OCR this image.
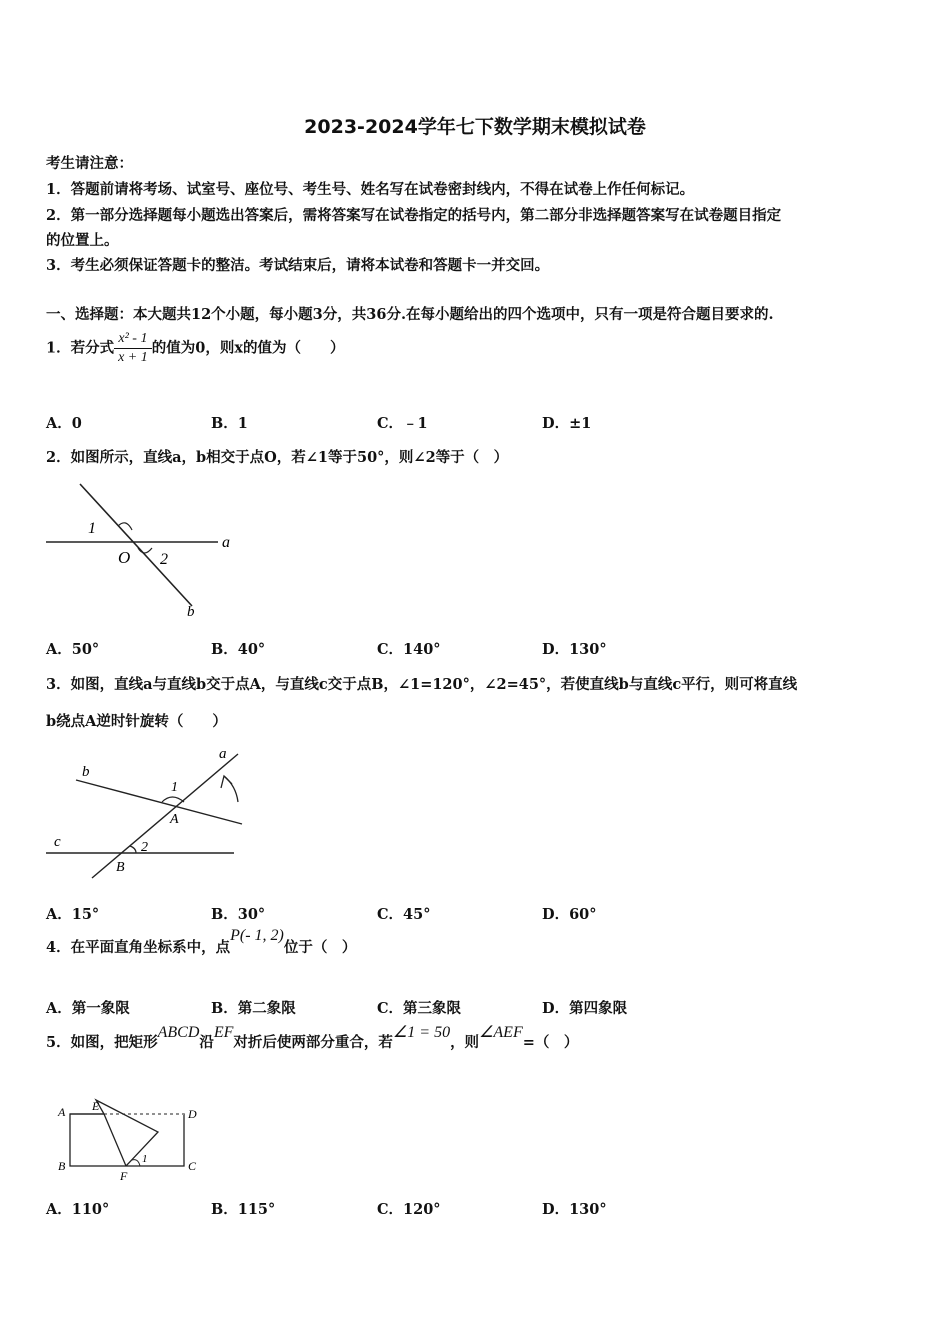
2023-2024学年七下数学期末模拟试卷
考生请注意：
1．答题前请将考场、试室号、座位号、考生号、姓名写在试卷密封线内，不得在试卷上作任何标记。
2．第一部分选择题每小题选出答案后，需将答案写在试卷指定的括号内，第二部分非选择题答案写在试卷题目指定
的位置上。
3．考生必须保证答题卡的整洁。考试结束后，请将本试卷和答题卡一并交回。
一、选择题：本大题共12个小题，每小题3分，共36分.在每小题给出的四个选项中，只有一项是符合题目要求的.
1．若分式 $\frac{\text{x² - 1}}{x + 1}$ 的值为0，则x的值为（　　）
A．0	B．1	C．﹣1	D．±1
2．如图所示，直线a，b相交于点O，若∠1等于50°，则∠2等于（　）
1
O 2
a
b
A．50°	B．40°	C．140°	D．130°
3．如图，直线a与直线b交于点A，与直线c交于点B，∠1=120°，∠2=45°，若使直线b与直线c平行，则可将直线
b绕点A逆时针旋转（　　）
a
b
c
A
B
1
2
A．15°	B．30°	C．45°	D．60°
4．在平面直角坐标系中，点P(- 1, 2)位于（　）
A．第一象限	B．第二象限	C．第三象限	D．第四象限
5．如图，把矩形ABCD沿EF对折后使两部分重合，若∠1 = 50，则∠AEF=（　）
A E
D
B
F
C
1
A．110°	B．115°	C．120°	D．130°
